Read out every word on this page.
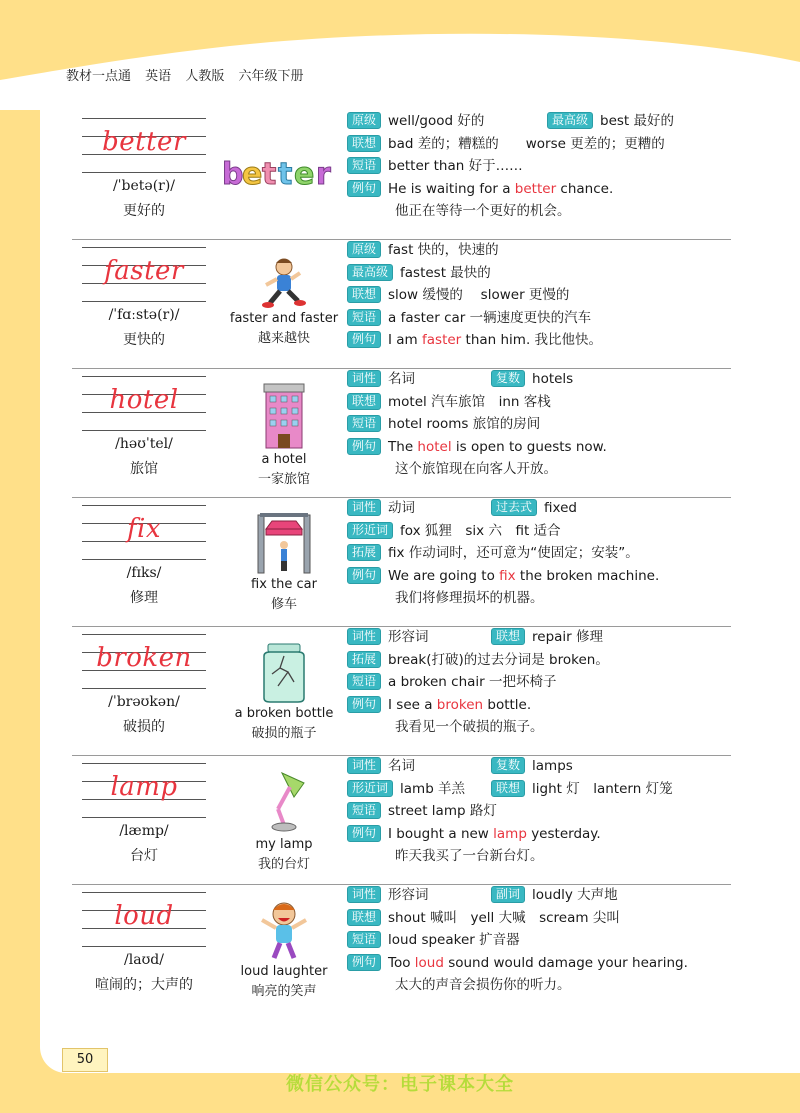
教材一点通 英语 人教版 六年级下册
better
/ˈbetə(r)/
更好的
b
e t t e r
原级 well/good 好的	最高级 best 最好的
联想 bad 差的；糟糕的　　worse 更差的；更糟的
短语 better than 好于……
例句 He is waiting for a better chance.
他正在等待一个更好的机会。
faster
/ˈfɑːstə(r)/
更快的
faster and faster
越来越快
原级 fast 快的，快速的
最高级 fastest 最快的
联想 slow 缓慢的　 slower 更慢的
短语 a faster car 一辆速度更快的汽车
例句 I am faster than him. 我比他快。
hotel
/həʊˈtel/
旅馆
a hotel
一家旅馆
词性 名词	复数 hotels
联想 motel 汽车旅馆　inn 客栈
短语 hotel rooms 旅馆的房间
例句 The hotel is open to guests now.
这个旅馆现在向客人开放。
fix
/fɪks/
修理
fix the car
修车
词性 动词	过去式 fixed
形近词 fox 狐狸　six 六　fit 适合
拓展 fix 作动词时，还可意为“使固定；安装”。
例句 We are going to fix the broken machine.
我们将修理损坏的机器。
broken
/ˈbrəʊkən/
破损的
a broken bottle
破损的瓶子
词性 形容词	联想 repair 修理
拓展 break(打破)的过去分词是 broken。
短语 a broken chair 一把坏椅子
例句 I see a broken bottle.
我看见一个破损的瓶子。
lamp
/læmp/
台灯
my lamp
我的台灯
词性 名词	复数 lamps
形近词 lamb 羊羔	联想 light 灯　lantern 灯笼
短语 street lamp 路灯
例句 I bought a new lamp yesterday.
昨天我买了一台新台灯。
loud
/laʊd/
喧闹的；大声的
loud laughter
响亮的笑声
词性 形容词	副词 loudly 大声地
联想 shout 喊叫　yell 大喊　scream 尖叫
短语 loud speaker 扩音器
例句 Too loud sound would damage your hearing.
太大的声音会损伤你的听力。
50
微信公众号：电子课本大全
